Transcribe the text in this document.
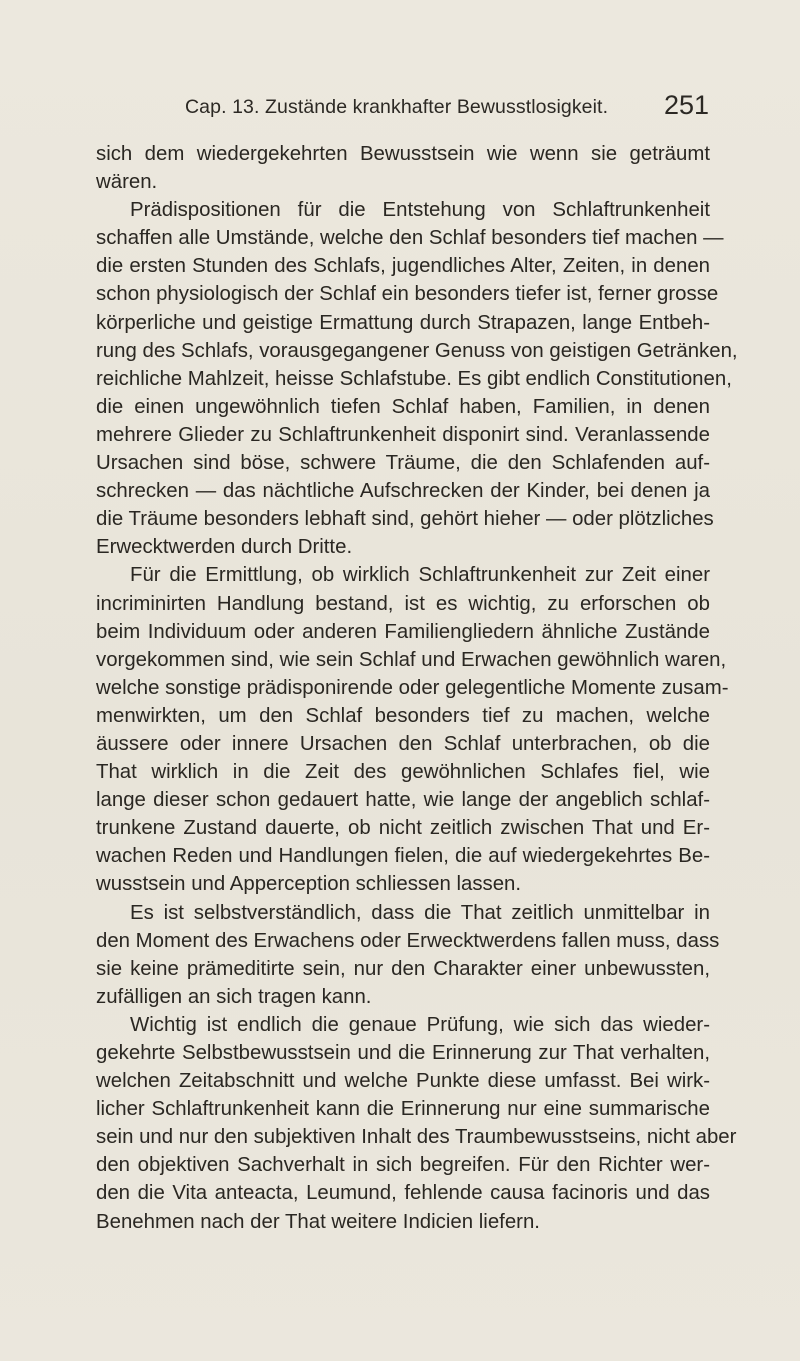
Cap. 13. Zustände krankhafter Bewusstlosigkeit. 251
sich dem wiedergekehrten Bewusstsein wie wenn sie geträumt
wären.
Prädispositionen für die Entstehung von Schlaftrunkenheit
schaffen alle Umstände, welche den Schlaf besonders tief machen —
die ersten Stunden des Schlafs, jugendliches Alter, Zeiten, in denen
schon physiologisch der Schlaf ein besonders tiefer ist, ferner grosse
körperliche und geistige Ermattung durch Strapazen, lange Entbeh-
rung des Schlafs, vorausgegangener Genuss von geistigen Getränken,
reichliche Mahlzeit, heisse Schlafstube. Es gibt endlich Constitutionen,
die einen ungewöhnlich tiefen Schlaf haben, Familien, in denen
mehrere Glieder zu Schlaftrunkenheit disponirt sind. Veranlassende
Ursachen sind böse, schwere Träume, die den Schlafenden auf-
schrecken — das nächtliche Aufschrecken der Kinder, bei denen ja
die Träume besonders lebhaft sind, gehört hieher — oder plötzliches
Erwecktwerden durch Dritte.
Für die Ermittlung, ob wirklich Schlaftrunkenheit zur Zeit einer
incriminirten Handlung bestand, ist es wichtig, zu erforschen ob
beim Individuum oder anderen Familiengliedern ähnliche Zustände
vorgekommen sind, wie sein Schlaf und Erwachen gewöhnlich waren,
welche sonstige prädisponirende oder gelegentliche Momente zusam-
menwirkten, um den Schlaf besonders tief zu machen, welche
äussere oder innere Ursachen den Schlaf unterbrachen, ob die
That wirklich in die Zeit des gewöhnlichen Schlafes fiel, wie
lange dieser schon gedauert hatte, wie lange der angeblich schlaf-
trunkene Zustand dauerte, ob nicht zeitlich zwischen That und Er-
wachen Reden und Handlungen fielen, die auf wiedergekehrtes Be-
wusstsein und Apperception schliessen lassen.
Es ist selbstverständlich, dass die That zeitlich unmittelbar in
den Moment des Erwachens oder Erwecktwerdens fallen muss, dass
sie keine prämeditirte sein, nur den Charakter einer unbewussten,
zufälligen an sich tragen kann.
Wichtig ist endlich die genaue Prüfung, wie sich das wieder-
gekehrte Selbstbewusstsein und die Erinnerung zur That verhalten,
welchen Zeitabschnitt und welche Punkte diese umfasst. Bei wirk-
licher Schlaftrunkenheit kann die Erinnerung nur eine summarische
sein und nur den subjektiven Inhalt des Traumbewusstseins, nicht aber
den objektiven Sachverhalt in sich begreifen. Für den Richter wer-
den die Vita anteacta, Leumund, fehlende causa facinoris und das
Benehmen nach der That weitere Indicien liefern.
